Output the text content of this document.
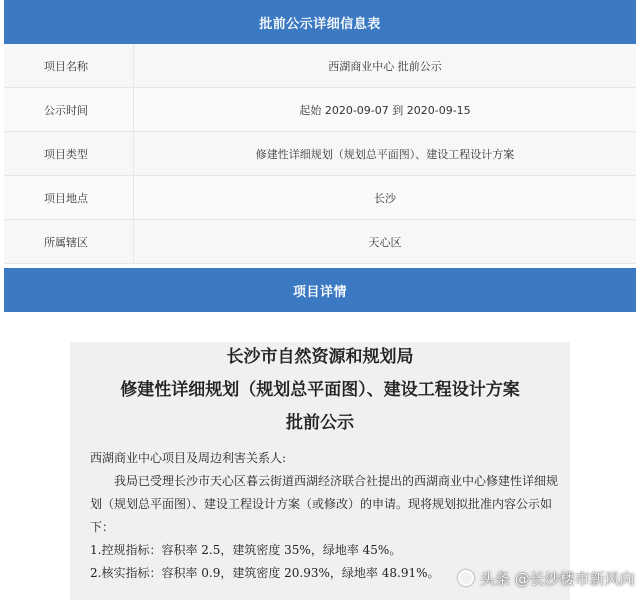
批前公示详细信息表
项目名称	西湖商业中心 批前公示
公示时间	起始 2020-09-07 到 2020-09-15
项目类型	修建性详细规划（规划总平面图）、建设工程设计方案
项目地点	长沙
所属辖区	天心区
项目详情
长沙市自然资源和规划局
修建性详细规划（规划总平面图）、建设工程设计方案
批前公示
西湖商业中心项目及周边利害关系人:
我局已受理长沙市天心区暮云街道西湖经济联合社提出的西湖商业中心修建性详细规划（规划总平面图）、建设工程设计方案（或修改）的申请。现将规划拟批准内容公示如下：
1.控规指标：容积率 2.5，建筑密度 35%，绿地率 45%。
2.核实指标：容积率 0.9，建筑密度 20.93%，绿地率 48.91%。	头条 @长沙楼市新风向
